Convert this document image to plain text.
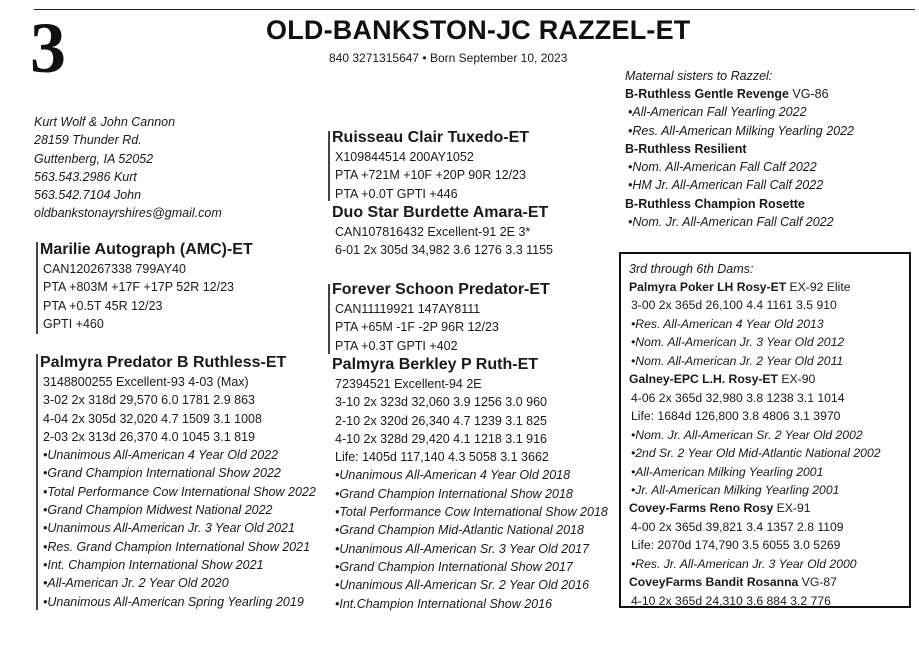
3	OLD-BANKSTON-JC RAZZEL-ET
840 3271315647 • Born September 10, 2023
Kurt Wolf & John Cannon
28159 Thunder Rd.
Guttenberg, IA 52052
563.543.2986 Kurt
563.542.7104 John
oldbankstonayrshires@gmail.com
Marilie Autograph (AMC)-ET
CAN120267338 799AY40
PTA +803M +17F +17P 52R 12/23
PTA +0.5T 45R 12/23
GPTI +460
Palmyra Predator B Ruthless-ET
3148800255 Excellent-93 4-03 (Max)
3-02 2x 318d 29,570 6.0 1781 2.9 863
4-04 2x 305d 32,020 4.7 1509 3.1 1008
2-03 2x 313d 26,370 4.0 1045 3.1 819
•Unanimous All-American 4 Year Old 2022
•Grand Champion International Show 2022
•Total Performance Cow International Show 2022
•Grand Champion Midwest National 2022
•Unanimous All-American Jr. 3 Year Old 2021
•Res. Grand Champion International Show 2021
•Int. Champion International Show 2021
•All-American Jr. 2 Year Old 2020
•Unanimous All-American Spring Yearling 2019
Ruisseau Clair Tuxedo-ET
X109844514 200AY1052
PTA +721M +10F +20P 90R 12/23
PTA +0.0T GPTI +446
Duo Star Burdette Amara-ET
CAN107816432 Excellent-91 2E 3*
6-01 2x 305d 34,982 3.6 1276 3.3 1155
Forever Schoon Predator-ET
CAN11119921 147AY8111
PTA +65M -1F -2P 96R 12/23
PTA +0.3T GPTI +402
Palmyra Berkley P Ruth-ET
72394521 Excellent-94 2E
3-10 2x 323d 32,060 3.9 1256 3.0 960
2-10 2x 320d 26,340 4.7 1239 3.1 825
4-10 2x 328d 29,420 4.1 1218 3.1 916
Life: 1405d 117,140 4.3 5058 3.1 3662
•Unanimous All-American 4 Year Old 2018
•Grand Champion International Show 2018
•Total Performance Cow International Show 2018
•Grand Champion Mid-Atlantic National 2018
•Unanimous All-American Sr. 3 Year Old 2017
•Grand Champion International Show 2017
•Unanimous All-American Sr. 2 Year Old 2016
•Int.Champion International Show 2016
Maternal sisters to Razzel:
B-Ruthless Gentle Revenge VG-86
•All-American Fall Yearling 2022
•Res. All-American Milking Yearling 2022
B-Ruthless Resilient
•Nom. All-American Fall Calf 2022
•HM Jr. All-American Fall Calf 2022
B-Ruthless Champion Rosette
•Nom. Jr. All-American Fall Calf 2022
3rd through 6th Dams:
Palmyra Poker LH Rosy-ET EX-92 Elite
3-00 2x 365d 26,100 4.4 1161 3.5 910
•Res. All-American 4 Year Old 2013
•Nom. All-American Jr. 3 Year Old 2012
•Nom. All-American Jr. 2 Year Old 2011
Galney-EPC L.H. Rosy-ET EX-90
4-06 2x 365d 32,980 3.8 1238 3.1 1014
Life: 1684d 126,800 3.8 4806 3.1 3970
•Nom. Jr. All-American Sr. 2 Year Old 2002
•2nd Sr. 2 Year Old Mid-Atlantic National 2002
•All-American Milking Yearling 2001
•Jr. All-American Milking Yearling 2001
Covey-Farms Reno Rosy EX-91
4-00 2x 365d 39,821 3.4 1357 2.8 1109
Life: 2070d 174,790 3.5 6055 3.0 5269
•Res. Jr. All-American Jr. 3 Year Old 2000
CoveyFarms Bandit Rosanna VG-87
4-10 2x 365d 24,310 3.6 884 3.2 776
